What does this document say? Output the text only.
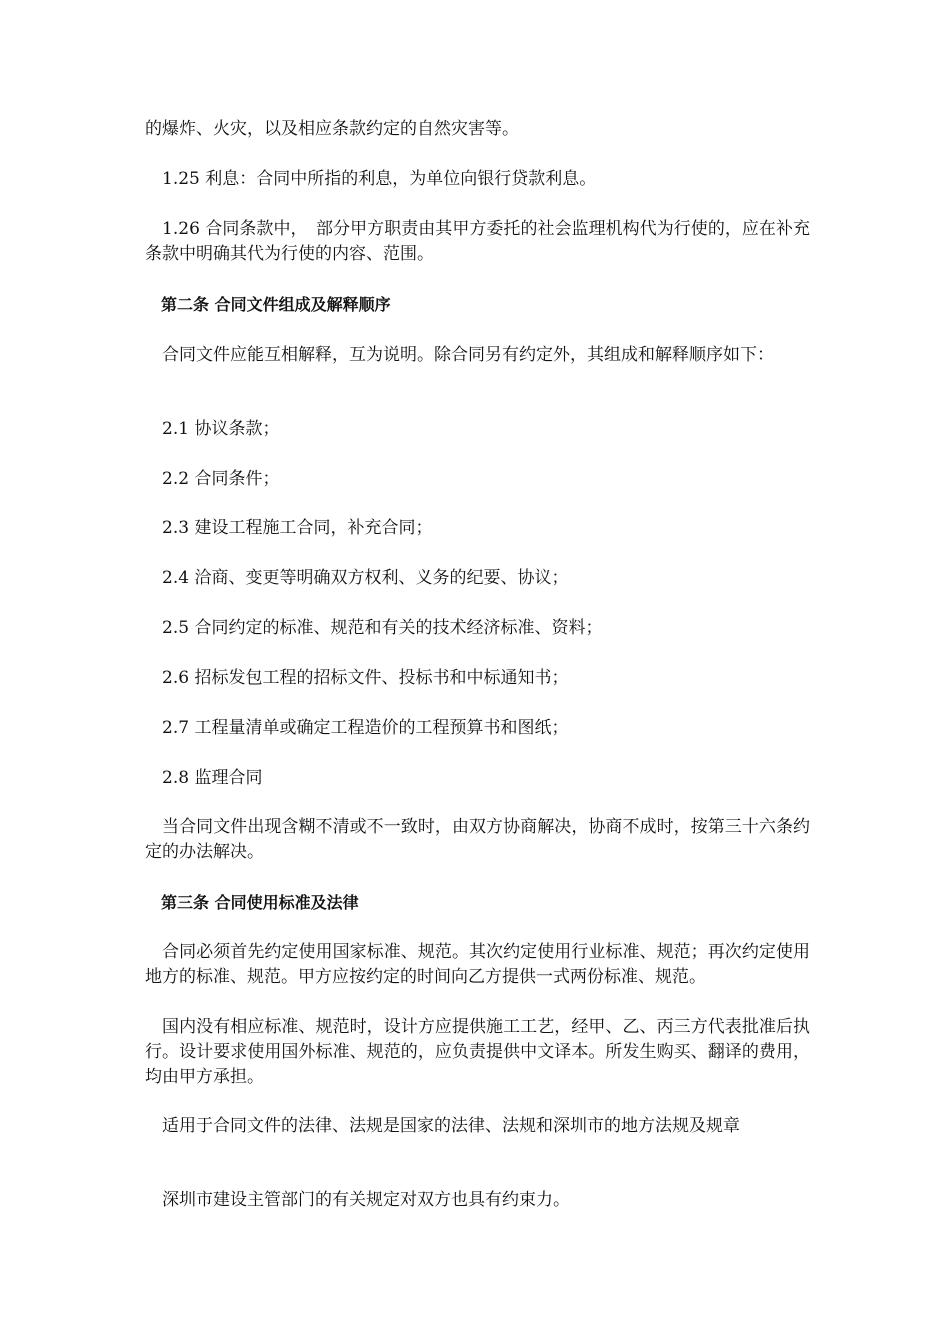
的爆炸、火灾，以及相应条款约定的自然灾害等。

　1.25 利息：合同中所指的利息，为单位向银行贷款利息。

　1.26 合同条款中，　部分甲方职责由其甲方委托的社会监理机构代为行使的，应在补充条款中明确其代为行使的内容、范围。

　第二条 合同文件组成及解释顺序

　合同文件应能互相解释，互为说明。除合同另有约定外，其组成和解释顺序如下：

　2.1 协议条款；

　2.2 合同条件；

　2.3 建设工程施工合同，补充合同；

　2.4 洽商、变更等明确双方权利、义务的纪要、协议；

　2.5 合同约定的标准、规范和有关的技术经济标准、资料；

　2.6 招标发包工程的招标文件、投标书和中标通知书；

　2.7 工程量清单或确定工程造价的工程预算书和图纸；

　2.8 监理合同

　当合同文件出现含糊不清或不一致时，由双方协商解决，协商不成时，按第三十六条约定的办法解决。

　第三条 合同使用标准及法律

　合同必须首先约定使用国家标准、规范。其次约定使用行业标准、规范；再次约定使用地方的标准、规范。甲方应按约定的时间向乙方提供一式两份标准、规范。

　国内没有相应标准、规范时，设计方应提供施工工艺，经甲、乙、丙三方代表批准后执行。设计要求使用国外标准、规范的，应负责提供中文译本。所发生购买、翻译的费用，均由甲方承担。

　适用于合同文件的法律、法规是国家的法律、法规和深圳市的地方法规及规章

　深圳市建设主管部门的有关规定对双方也具有约束力。
